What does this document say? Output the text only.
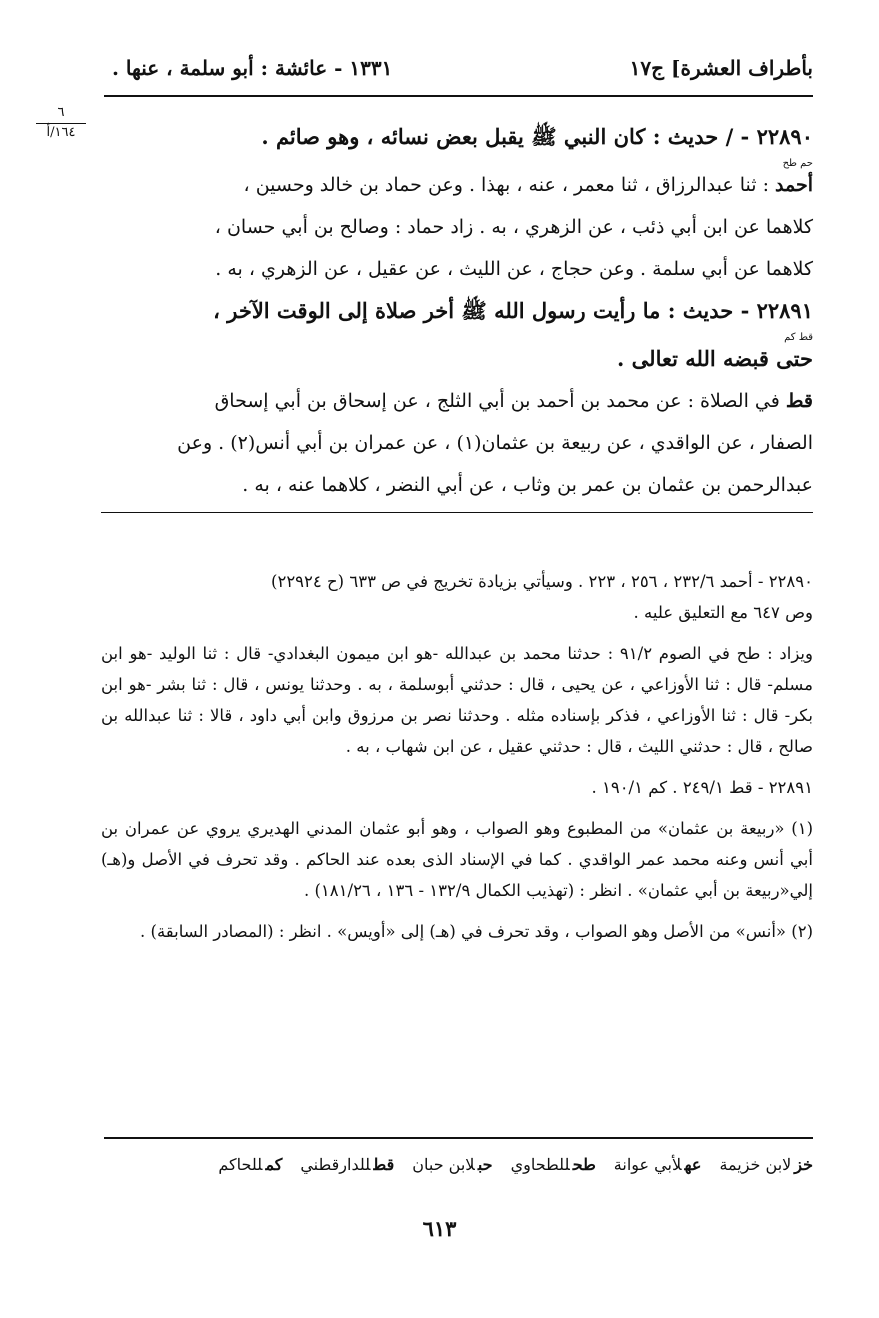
بأطراف العشرة] ج١٧
١٣٣١ - عائشة : أبو سلمة ، عنها .
٦
١٦٤/أ	٢٢٨٩٠ - / حديث : كان النبي ﷺ يقبل بعض نسائه ، وهو صائم .

حم طح

أحمد : ثنا عبدالرزاق ، ثنا معمر ، عنه ، بهذا . وعن حماد بن خالد وحسين ،

كلاهما عن ابن أبي ذئب ، عن الزهري ، به . زاد حماد : وصالح بن أبي حسان ،

كلاهما عن أبي سلمة . وعن حجاج ، عن الليث ، عن عقيل ، عن الزهري ، به .

٢٢٨٩١ - حديث : ما رأيت رسول الله ﷺ أخر صلاة إلى الوقت الآخر ،

قط كم

حتى قبضه الله تعالى .

قط في الصلاة : عن محمد بن أحمد بن أبي الثلج ، عن إسحاق بن أبي إسحاق

الصفار ، عن الواقدي ، عن ربيعة بن عثمان(١) ، عن عمران بن أبي أنس(٢) . وعن

عبدالرحمن بن عثمان بن عمر بن وثاب ، عن أبي النضر ، كلاهما عنه ، به .

٢٢٨٩٠ - أحمد ٢٣٢/٦ ، ٢٥٦ ، ٢٢٣ . وسيأتي بزيادة تخريج في ص ٦٣٣ (ح ٢٢٩٢٤)
وص ٦٤٧ مع التعليق عليه .

ويزاد : طح في الصوم ٩١/٢ : حدثنا محمد بن عبدالله -هو ابن ميمون البغدادي- قال : ثنا الوليد -هو ابن مسلم- قال : ثنا الأوزاعي ، عن يحيى ، قال : حدثني أبوسلمة ، به . وحدثنا يونس ، قال : ثنا بشر -هو ابن بكر- قال : ثنا الأوزاعي ، فذكر بإسناده مثله . وحدثنا نصر بن مرزوق وابن أبي داود ، قالا : ثنا عبدالله بن صالح ، قال : حدثني الليث ، قال : حدثني عقيل ، عن ابن شهاب ، به .

٢٢٨٩١ - قط ٢٤٩/١ . كم ١٩٠/١ .

(١) «ربيعة بن عثمان» من المطبوع وهو الصواب ، وهو أبو عثمان المدني الهديري يروي عن عمران بن أبي أنس وعنه محمد عمر الواقدي . كما في الإسناد الذى بعده عند الحاكم . وقد تحرف في الأصل و(هـ) إلي«ربيعة بن أبي عثمان» . انظر : (تهذيب الكمال ١٣٢/٩ - ١٣٦ ، ١٨١/٢٦) .

(٢) «أنس» من الأصل وهو الصواب ، وقد تحرف في (هـ) إلى «أويس» . انظر : (المصادر السابقة) .

خزلابن خزيمة
عهلأبي عوانة
طحللطحاوي
حبلابن حبان
قطللدارقطني
كمللحاكم
٦١٣
